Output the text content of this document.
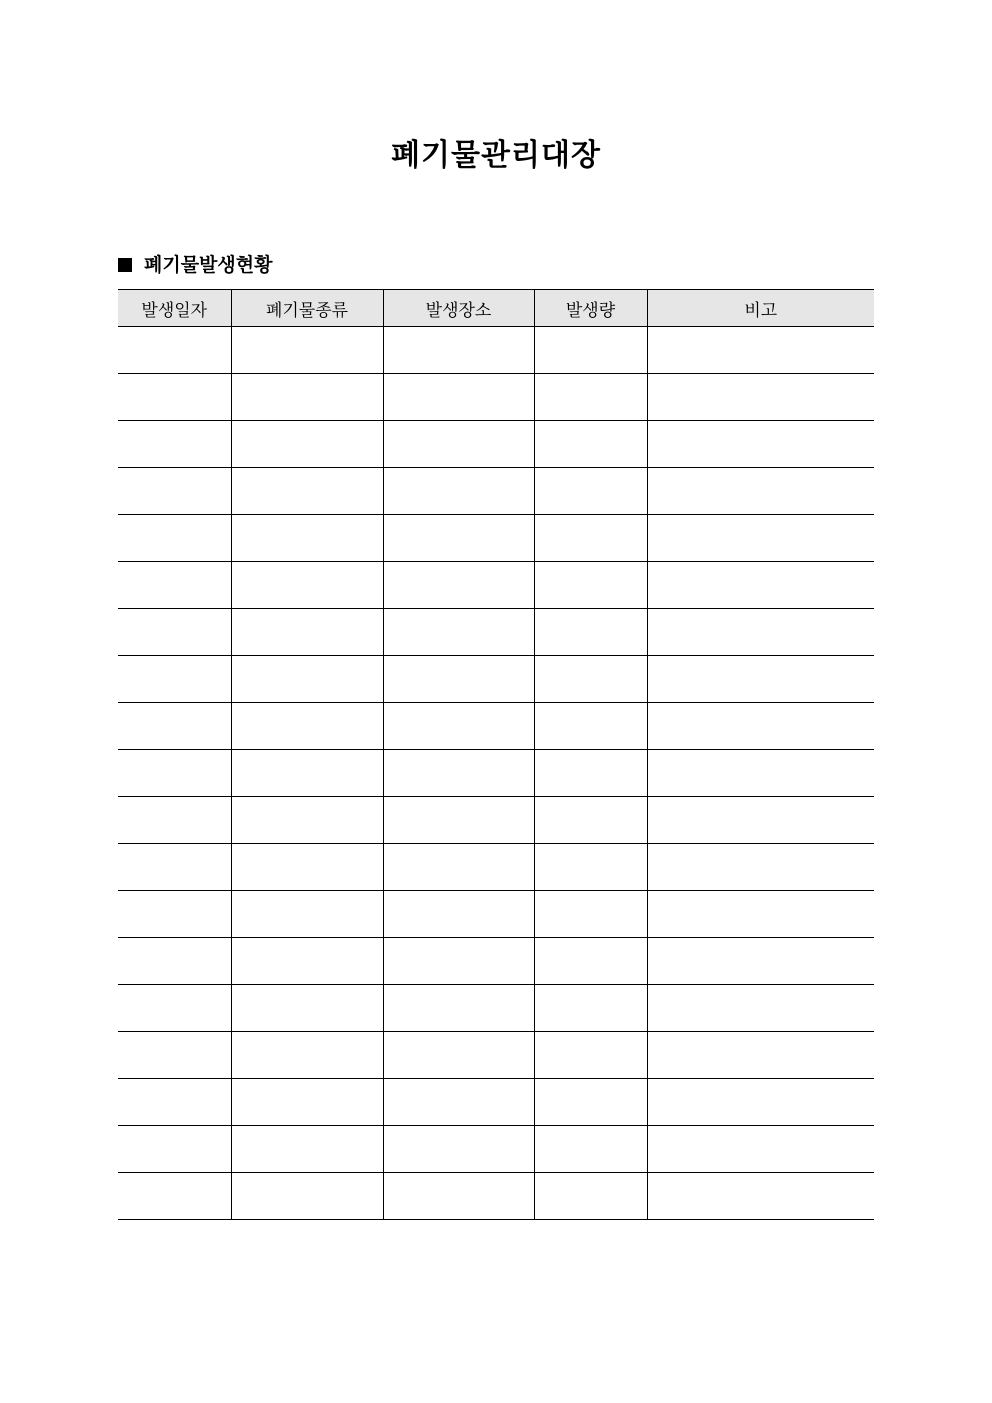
폐기물관리대장
폐기물발생현황
발생일자	폐기물종류	발생장소	발생량	비고
